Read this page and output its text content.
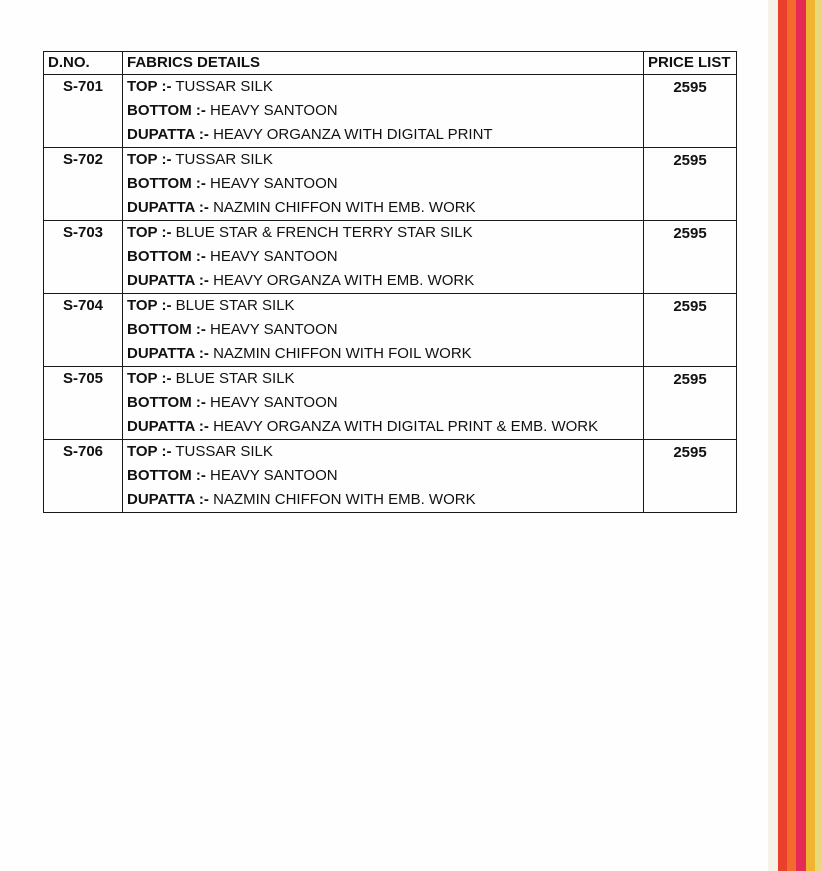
D.NO.	FABRICS DETAILS	PRICE LIST
S-701	TOP :- TUSSAR SILK
BOTTOM :- HEAVY SANTOON
DUPATTA :- HEAVY ORGANZA WITH DIGITAL PRINT	2595
S-702	TOP :- TUSSAR SILK
BOTTOM :- HEAVY SANTOON
DUPATTA :- NAZMIN CHIFFON WITH EMB. WORK	2595
S-703	TOP :- BLUE STAR & FRENCH TERRY STAR SILK
BOTTOM :- HEAVY SANTOON
DUPATTA :- HEAVY ORGANZA WITH EMB. WORK	2595
S-704	TOP :- BLUE STAR SILK
BOTTOM :- HEAVY SANTOON
DUPATTA :- NAZMIN CHIFFON WITH FOIL WORK	2595
S-705	TOP :- BLUE STAR SILK
BOTTOM :- HEAVY SANTOON
DUPATTA :- HEAVY ORGANZA WITH DIGITAL PRINT & EMB. WORK	2595
S-706	TOP :- TUSSAR SILK
BOTTOM :- HEAVY SANTOON
DUPATTA :- NAZMIN CHIFFON WITH EMB. WORK	2595
